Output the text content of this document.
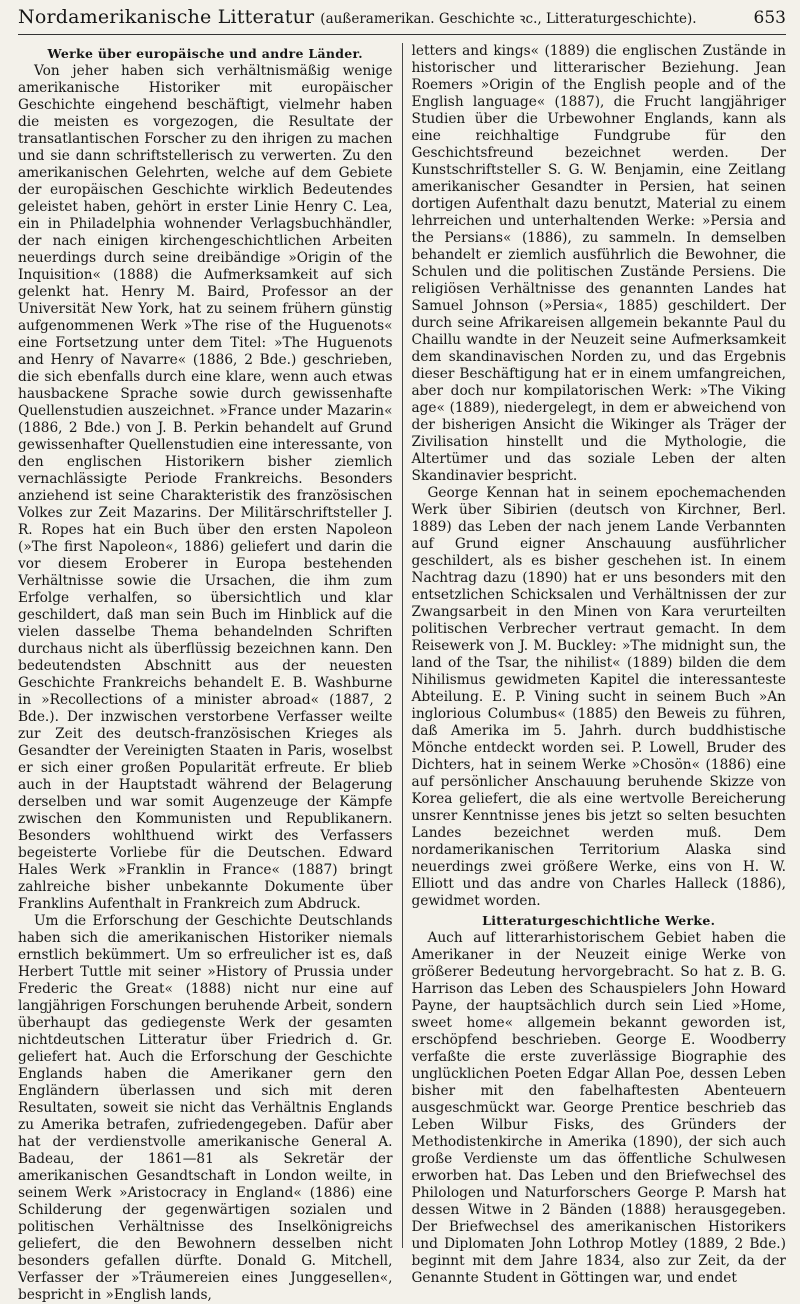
Nordamerikanische Litteratur (außeramerikan. Geschichte ꝛc., Litteraturgeschichte).	653
Werke über europäische und andre Länder.

Von jeher haben sich verhältnismäßig wenige amerikanische Historiker mit europäischer Geschichte eingehend beschäftigt, vielmehr haben die meisten es vorgezogen, die Resultate der transatlantischen Forscher zu den ihrigen zu machen und sie dann schriftstellerisch zu verwerten. Zu den amerikanischen Gelehrten, welche auf dem Gebiete der europäischen Geschichte wirklich Bedeutendes geleistet haben, gehört in erster Linie Henry C. Lea, ein in Philadelphia wohnender Verlagsbuchhändler, der nach einigen kirchengeschichtlichen Arbeiten neuerdings durch seine dreibändige »Origin of the Inquisition« (1888) die Aufmerksamkeit auf sich gelenkt hat. Henry M. Baird, Professor an der Universität New York, hat zu seinem frühern günstig aufgenommenen Werk »The rise of the Huguenots« eine Fortsetzung unter dem Titel: »The Huguenots and Henry of Navarre« (1886, 2 Bde.) geschrieben, die sich ebenfalls durch eine klare, wenn auch etwas hausbackene Sprache sowie durch gewissenhafte Quellenstudien auszeichnet. »France under Mazarin« (1886, 2 Bde.) von J. B. Perkin behandelt auf Grund gewissenhafter Quellenstudien eine interessante, von den englischen Historikern bisher ziemlich vernachlässigte Periode Frankreichs. Besonders anziehend ist seine Charakteristik des französischen Volkes zur Zeit Mazarins. Der Militärschriftsteller J. R. Ropes hat ein Buch über den ersten Napoleon (»The first Napoleon«, 1886) geliefert und darin die vor diesem Eroberer in Europa bestehenden Verhältnisse sowie die Ursachen, die ihm zum Erfolge verhalfen, so übersichtlich und klar geschildert, daß man sein Buch im Hinblick auf die vielen dasselbe Thema behandelnden Schriften durchaus nicht als überflüssig bezeichnen kann. Den bedeutendsten Abschnitt aus der neuesten Geschichte Frankreichs behandelt E. B. Washburne in »Recollections of a minister abroad« (1887, 2 Bde.). Der inzwischen verstorbene Verfasser weilte zur Zeit des deutsch-französischen Krieges als Gesandter der Vereinigten Staaten in Paris, woselbst er sich einer großen Popularität erfreute. Er blieb auch in der Hauptstadt während der Belagerung derselben und war somit Augenzeuge der Kämpfe zwischen den Kommunisten und Republikanern. Besonders wohlthuend wirkt des Verfassers begeisterte Vorliebe für die Deutschen. Edward Hales Werk »Franklin in France« (1887) bringt zahlreiche bisher unbekannte Dokumente über Franklins Aufenthalt in Frankreich zum Abdruck.

Um die Erforschung der Geschichte Deutschlands haben sich die amerikanischen Historiker niemals ernstlich bekümmert. Um so erfreulicher ist es, daß Herbert Tuttle mit seiner »History of Prussia under Frederic the Great« (1888) nicht nur eine auf langjährigen Forschungen beruhende Arbeit, sondern überhaupt das gediegenste Werk der gesamten nichtdeutschen Litteratur über Friedrich d. Gr. geliefert hat. Auch die Erforschung der Geschichte Englands haben die Amerikaner gern den Engländern überlassen und sich mit deren Resultaten, soweit sie nicht das Verhältnis Englands zu Amerika betrafen, zufriedengegeben. Dafür aber hat der verdienstvolle amerikanische General A. Badeau, der 1861—81 als Sekretär der amerikanischen Gesandtschaft in London weilte, in seinem Werk »Aristocracy in England« (1886) eine Schilderung der gegenwärtigen sozialen und politischen Verhältnisse des Inselkönigreichs geliefert, die den Bewohnern desselben nicht besonders gefallen dürfte. Donald G. Mitchell, Verfasser der »Träumereien eines Junggesellen«, bespricht in »English lands,

letters and kings« (1889) die englischen Zustände in historischer und litterarischer Beziehung. Jean Roemers »Origin of the English people and of the English language« (1887), die Frucht langjähriger Studien über die Urbewohner Englands, kann als eine reichhaltige Fundgrube für den Geschichtsfreund bezeichnet werden. Der Kunstschriftsteller S. G. W. Benjamin, eine Zeitlang amerikanischer Gesandter in Persien, hat seinen dortigen Aufenthalt dazu benutzt, Material zu einem lehrreichen und unterhaltenden Werke: »Persia and the Persians« (1886), zu sammeln. In demselben behandelt er ziemlich ausführlich die Bewohner, die Schulen und die politischen Zustände Persiens. Die religiösen Verhältnisse des genannten Landes hat Samuel Johnson (»Persia«, 1885) geschildert. Der durch seine Afrikareisen allgemein bekannte Paul du Chaillu wandte in der Neuzeit seine Aufmerksamkeit dem skandinavischen Norden zu, und das Ergebnis dieser Beschäftigung hat er in einem umfangreichen, aber doch nur kompilatorischen Werk: »The Viking age« (1889), niedergelegt, in dem er abweichend von der bisherigen Ansicht die Wikinger als Träger der Zivilisation hinstellt und die Mythologie, die Altertümer und das soziale Leben der alten Skandinavier bespricht.

George Kennan hat in seinem epochemachenden Werk über Sibirien (deutsch von Kirchner, Berl. 1889) das Leben der nach jenem Lande Verbannten auf Grund eigner Anschauung ausführlicher geschildert, als es bisher geschehen ist. In einem Nachtrag dazu (1890) hat er uns besonders mit den entsetzlichen Schicksalen und Verhältnissen der zur Zwangsarbeit in den Minen von Kara verurteilten politischen Verbrecher vertraut gemacht. In dem Reisewerk von J. M. Buckley: »The midnight sun, the land of the Tsar, the nihilist« (1889) bilden die dem Nihilismus gewidmeten Kapitel die interessanteste Abteilung. E. P. Vining sucht in seinem Buch »An inglorious Columbus« (1885) den Beweis zu führen, daß Amerika im 5. Jahrh. durch buddhistische Mönche entdeckt worden sei. P. Lowell, Bruder des Dichters, hat in seinem Werke »Chosön« (1886) eine auf persönlicher Anschauung beruhende Skizze von Korea geliefert, die als eine wertvolle Bereicherung unsrer Kenntnisse jenes bis jetzt so selten besuchten Landes bezeichnet werden muß. Dem nordamerikanischen Territorium Alaska sind neuerdings zwei größere Werke, eins von H. W. Elliott und das andre von Charles Halleck (1886), gewidmet worden.

Litteraturgeschichtliche Werke.

Auch auf litterarhistorischem Gebiet haben die Amerikaner in der Neuzeit einige Werke von größerer Bedeutung hervorgebracht. So hat z. B. G. Harrison das Leben des Schauspielers John Howard Payne, der hauptsächlich durch sein Lied »Home, sweet home« allgemein bekannt geworden ist, erschöpfend beschrieben. George E. Woodberry verfaßte die erste zuverlässige Biographie des unglücklichen Poeten Edgar Allan Poe, dessen Leben bisher mit den fabelhaftesten Abenteuern ausgeschmückt war. George Prentice beschrieb das Leben Wilbur Fisks, des Gründers der Methodistenkirche in Amerika (1890), der sich auch große Verdienste um das öffentliche Schulwesen erworben hat. Das Leben und den Briefwechsel des Philologen und Naturforschers George P. Marsh hat dessen Witwe in 2 Bänden (1888) herausgegeben. Der Briefwechsel des amerikanischen Historikers und Diplomaten John Lothrop Motley (1889, 2 Bde.) beginnt mit dem Jahre 1834, also zur Zeit, da der Genannte Student in Göttingen war, und endet
